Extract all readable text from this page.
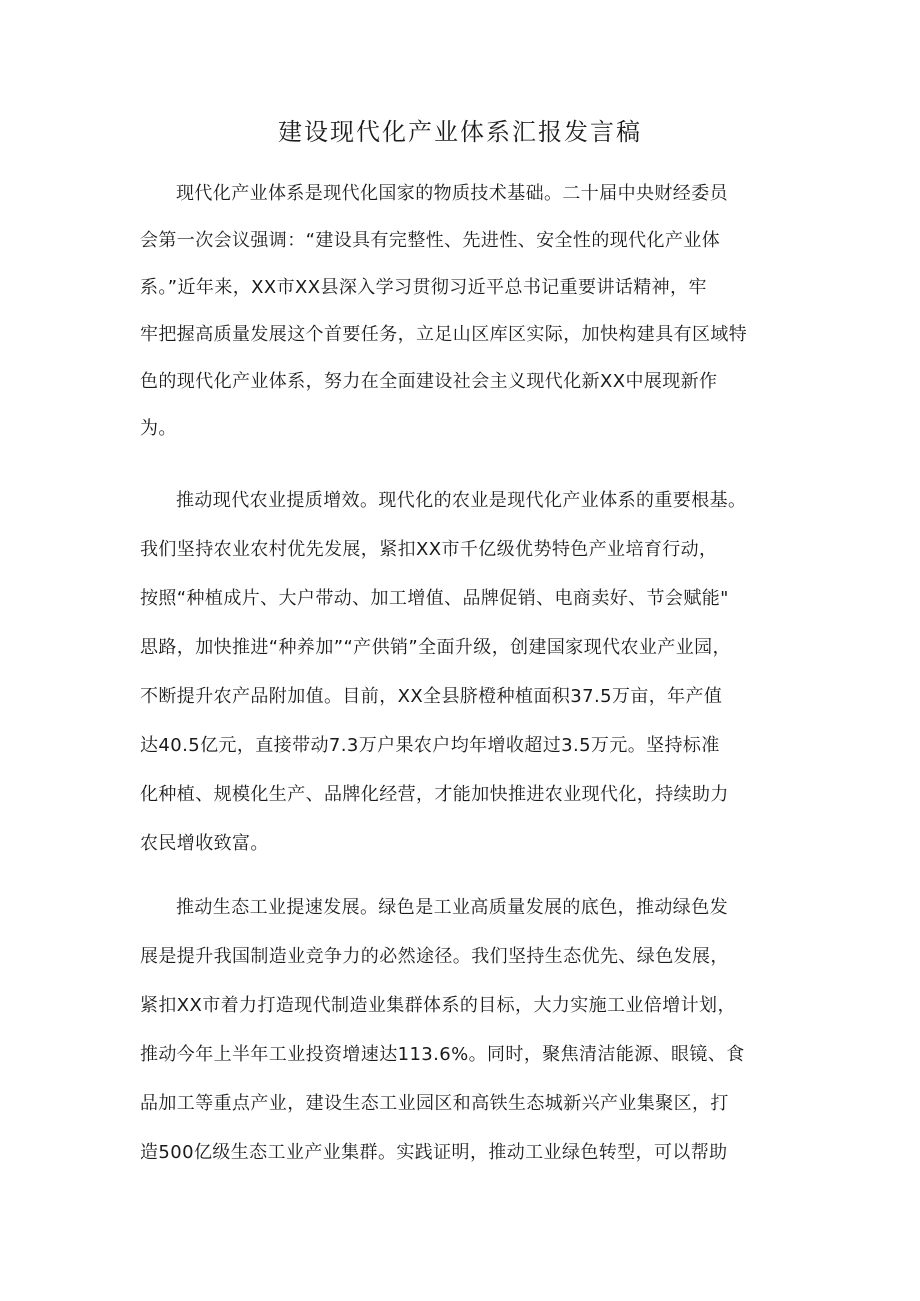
建设现代化产业体系汇报发言稿
现代化产业体系是现代化国家的物质技术基础。二十届中央财经委员
会第一次会议强调：“建设具有完整性、先进性、安全性的现代化产业体
系。”近年来，XX市XX县深入学习贯彻习近平总书记重要讲话精神，牢
牢把握高质量发展这个首要任务，立足山区库区实际，加快构建具有区域特
色的现代化产业体系，努力在全面建设社会主义现代化新XX中展现新作
为。
推动现代农业提质增效。现代化的农业是现代化产业体系的重要根基。
我们坚持农业农村优先发展，紧扣XX市千亿级优势特色产业培育行动，
按照“种植成片、大户带动、加工增值、品牌促销、电商卖好、节会赋能"
思路，加快推进“种养加”“产供销”全面升级，创建国家现代农业产业园，
不断提升农产品附加值。目前，XX全县脐橙种植面积37.5万亩，年产值
达40.5亿元，直接带动7.3万户果农户均年增收超过3.5万元。坚持标准
化种植、规模化生产、品牌化经营，才能加快推进农业现代化，持续助力
农民增收致富。
推动生态工业提速发展。绿色是工业高质量发展的底色，推动绿色发
展是提升我国制造业竞争力的必然途径。我们坚持生态优先、绿色发展，
紧扣XX市着力打造现代制造业集群体系的目标，大力实施工业倍增计划，
推动今年上半年工业投资增速达113.6%。同时，聚焦清洁能源、眼镜、食
品加工等重点产业，建设生态工业园区和高铁生态城新兴产业集聚区，打
造500亿级生态工业产业集群。实践证明，推动工业绿色转型，可以帮助
